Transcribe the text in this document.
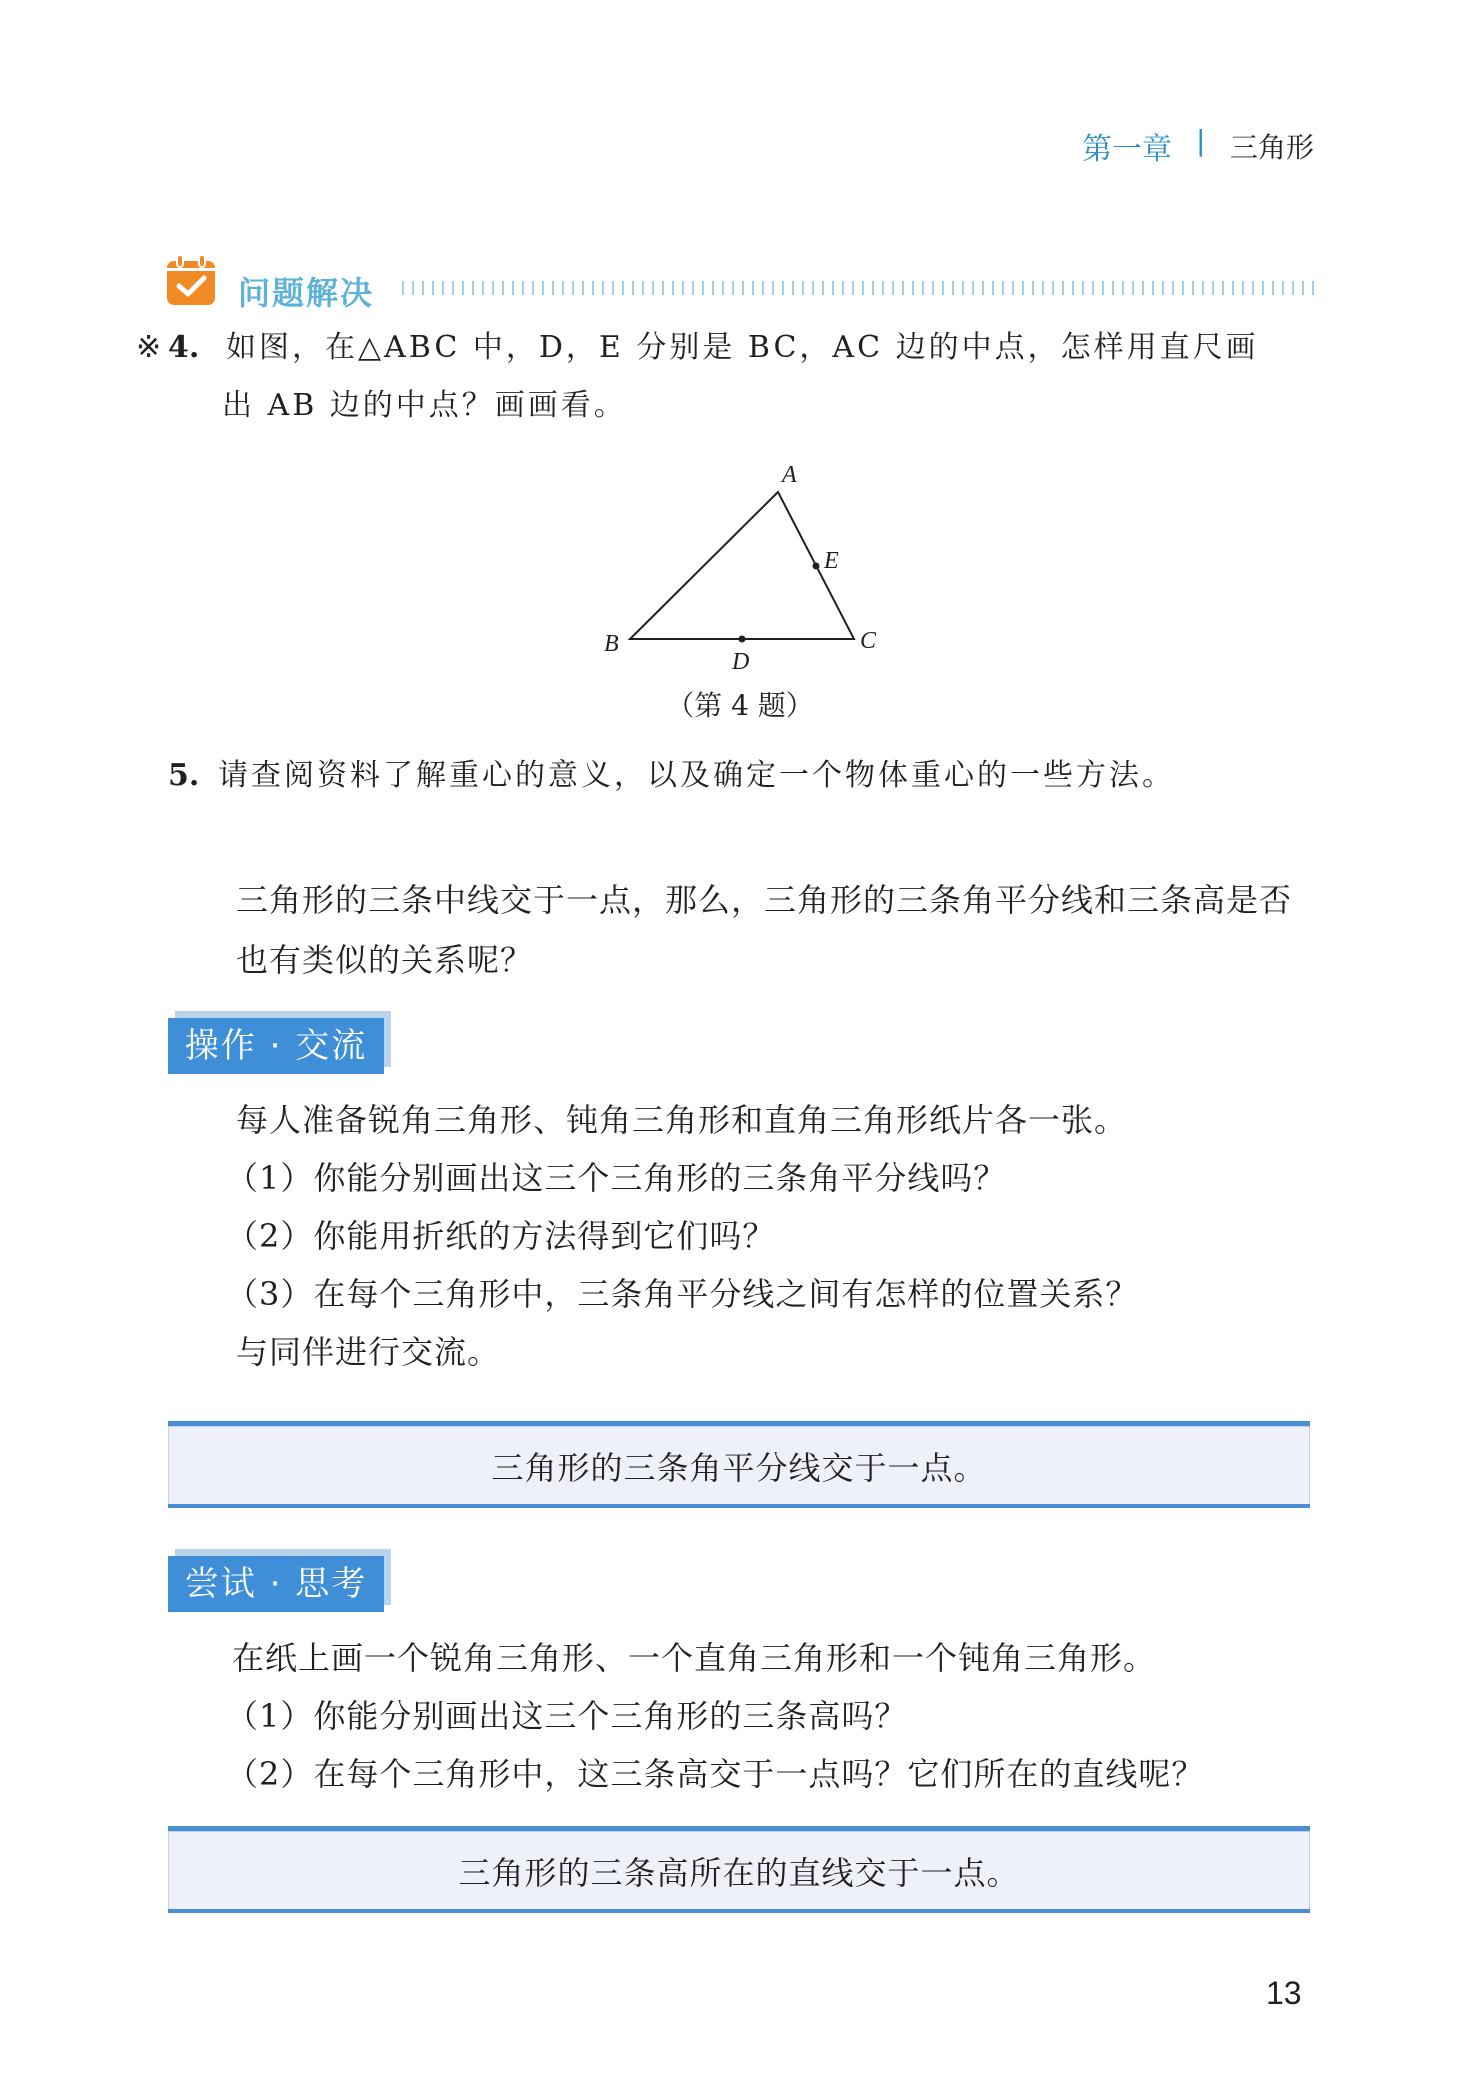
第一章 | 三角形
问题解决
※ 4. 如图，在△ABC 中，D，E 分别是 BC，AC 边的中点，怎样用直尺画
出 AB 边的中点？画画看。
A
B	C
D
E
（第 4 题）
5. 请查阅资料了解重心的意义，以及确定一个物体重心的一些方法。
三角形的三条中线交于一点，那么，三角形的三条角平分线和三条高是否也有类似的关系呢？
操作 · 交流
每人准备锐角三角形、钝角三角形和直角三角形纸片各一张。
（1）你能分别画出这三个三角形的三条角平分线吗？
（2）你能用折纸的方法得到它们吗？
（3）在每个三角形中，三条角平分线之间有怎样的位置关系？
与同伴进行交流。
三角形的三条角平分线交于一点。
尝试 · 思考
在纸上画一个锐角三角形、一个直角三角形和一个钝角三角形。
（1）你能分别画出这三个三角形的三条高吗？
（2）在每个三角形中，这三条高交于一点吗？它们所在的直线呢？
三角形的三条高所在的直线交于一点。
13
